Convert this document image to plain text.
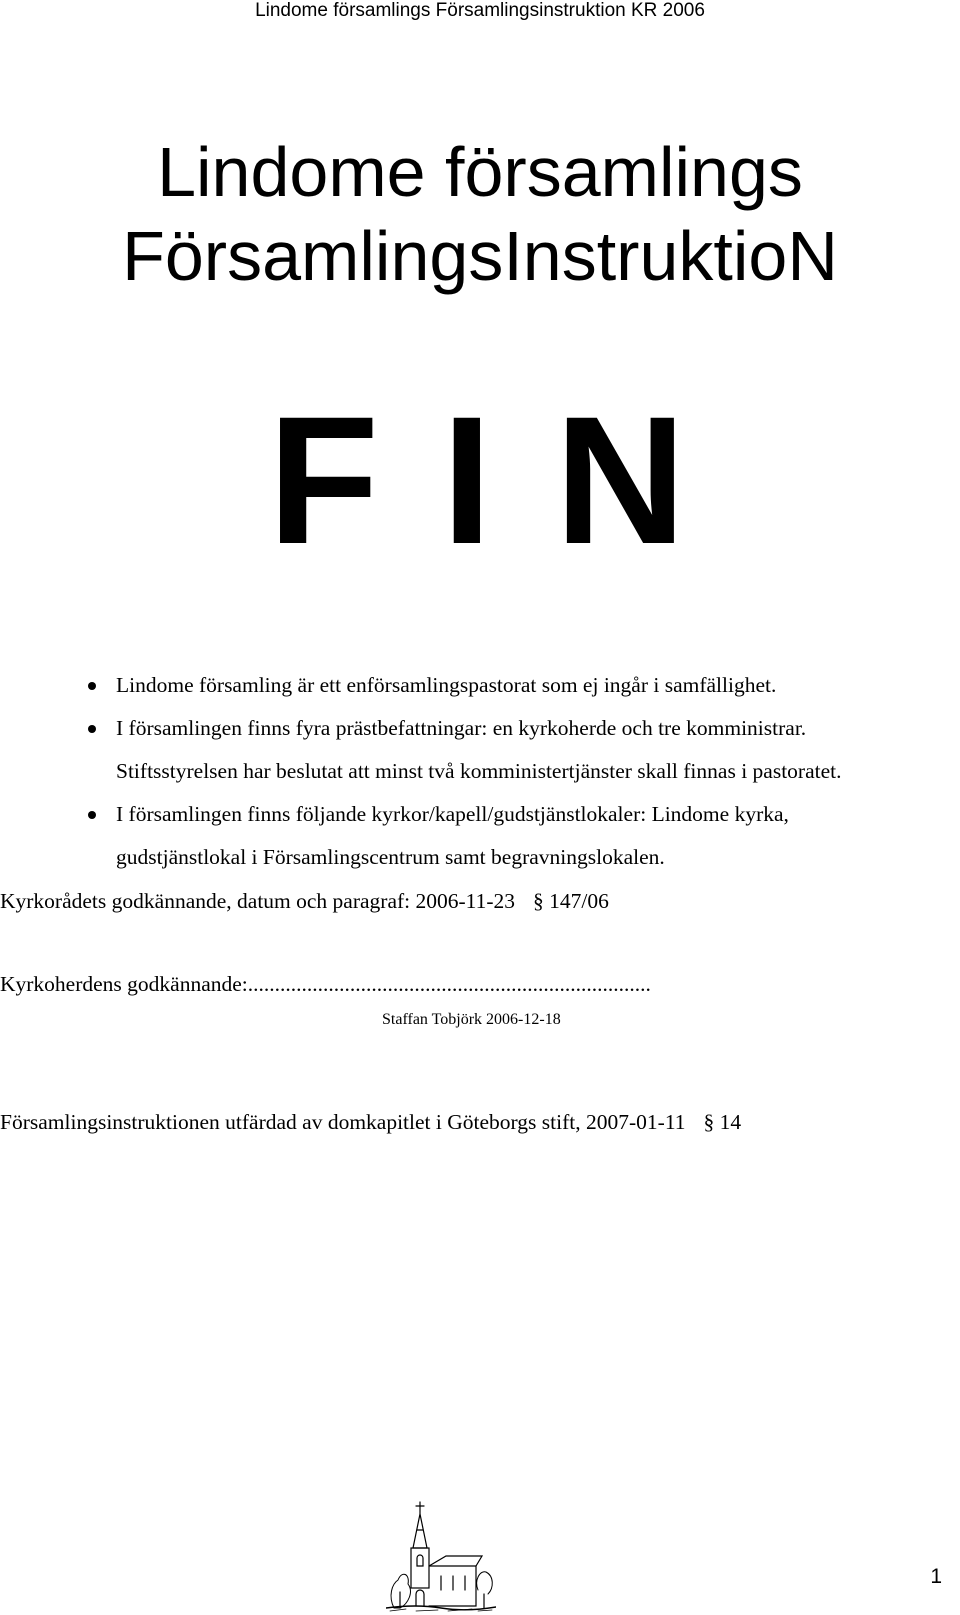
Lindome församlings Församlingsinstruktion KR 2006
Lindome församlings
FörsamlingsInstruktioN
F I N
Lindome församling är ett enförsamlingspastorat som ej ingår i samfällighet.
I församlingen finns fyra prästbefattningar: en kyrkoherde och tre komministrar.
Stiftsstyrelsen har beslutat att minst två komministertjänster skall finnas i pastoratet.
I församlingen finns följande kyrkor/kapell/gudstjänstlokaler: Lindome kyrka,
gudstjänstlokal i Församlingscentrum samt begravningslokalen.
Kyrkorådets godkännande, datum och paragraf: 2006-11-23 § 147/06
Kyrkoherdens godkännande:...........................................................................
Staffan Tobjörk 2006-12-18
Församlingsinstruktionen utfärdad av domkapitlet i Göteborgs stift, 2007-01-11 § 14
1
